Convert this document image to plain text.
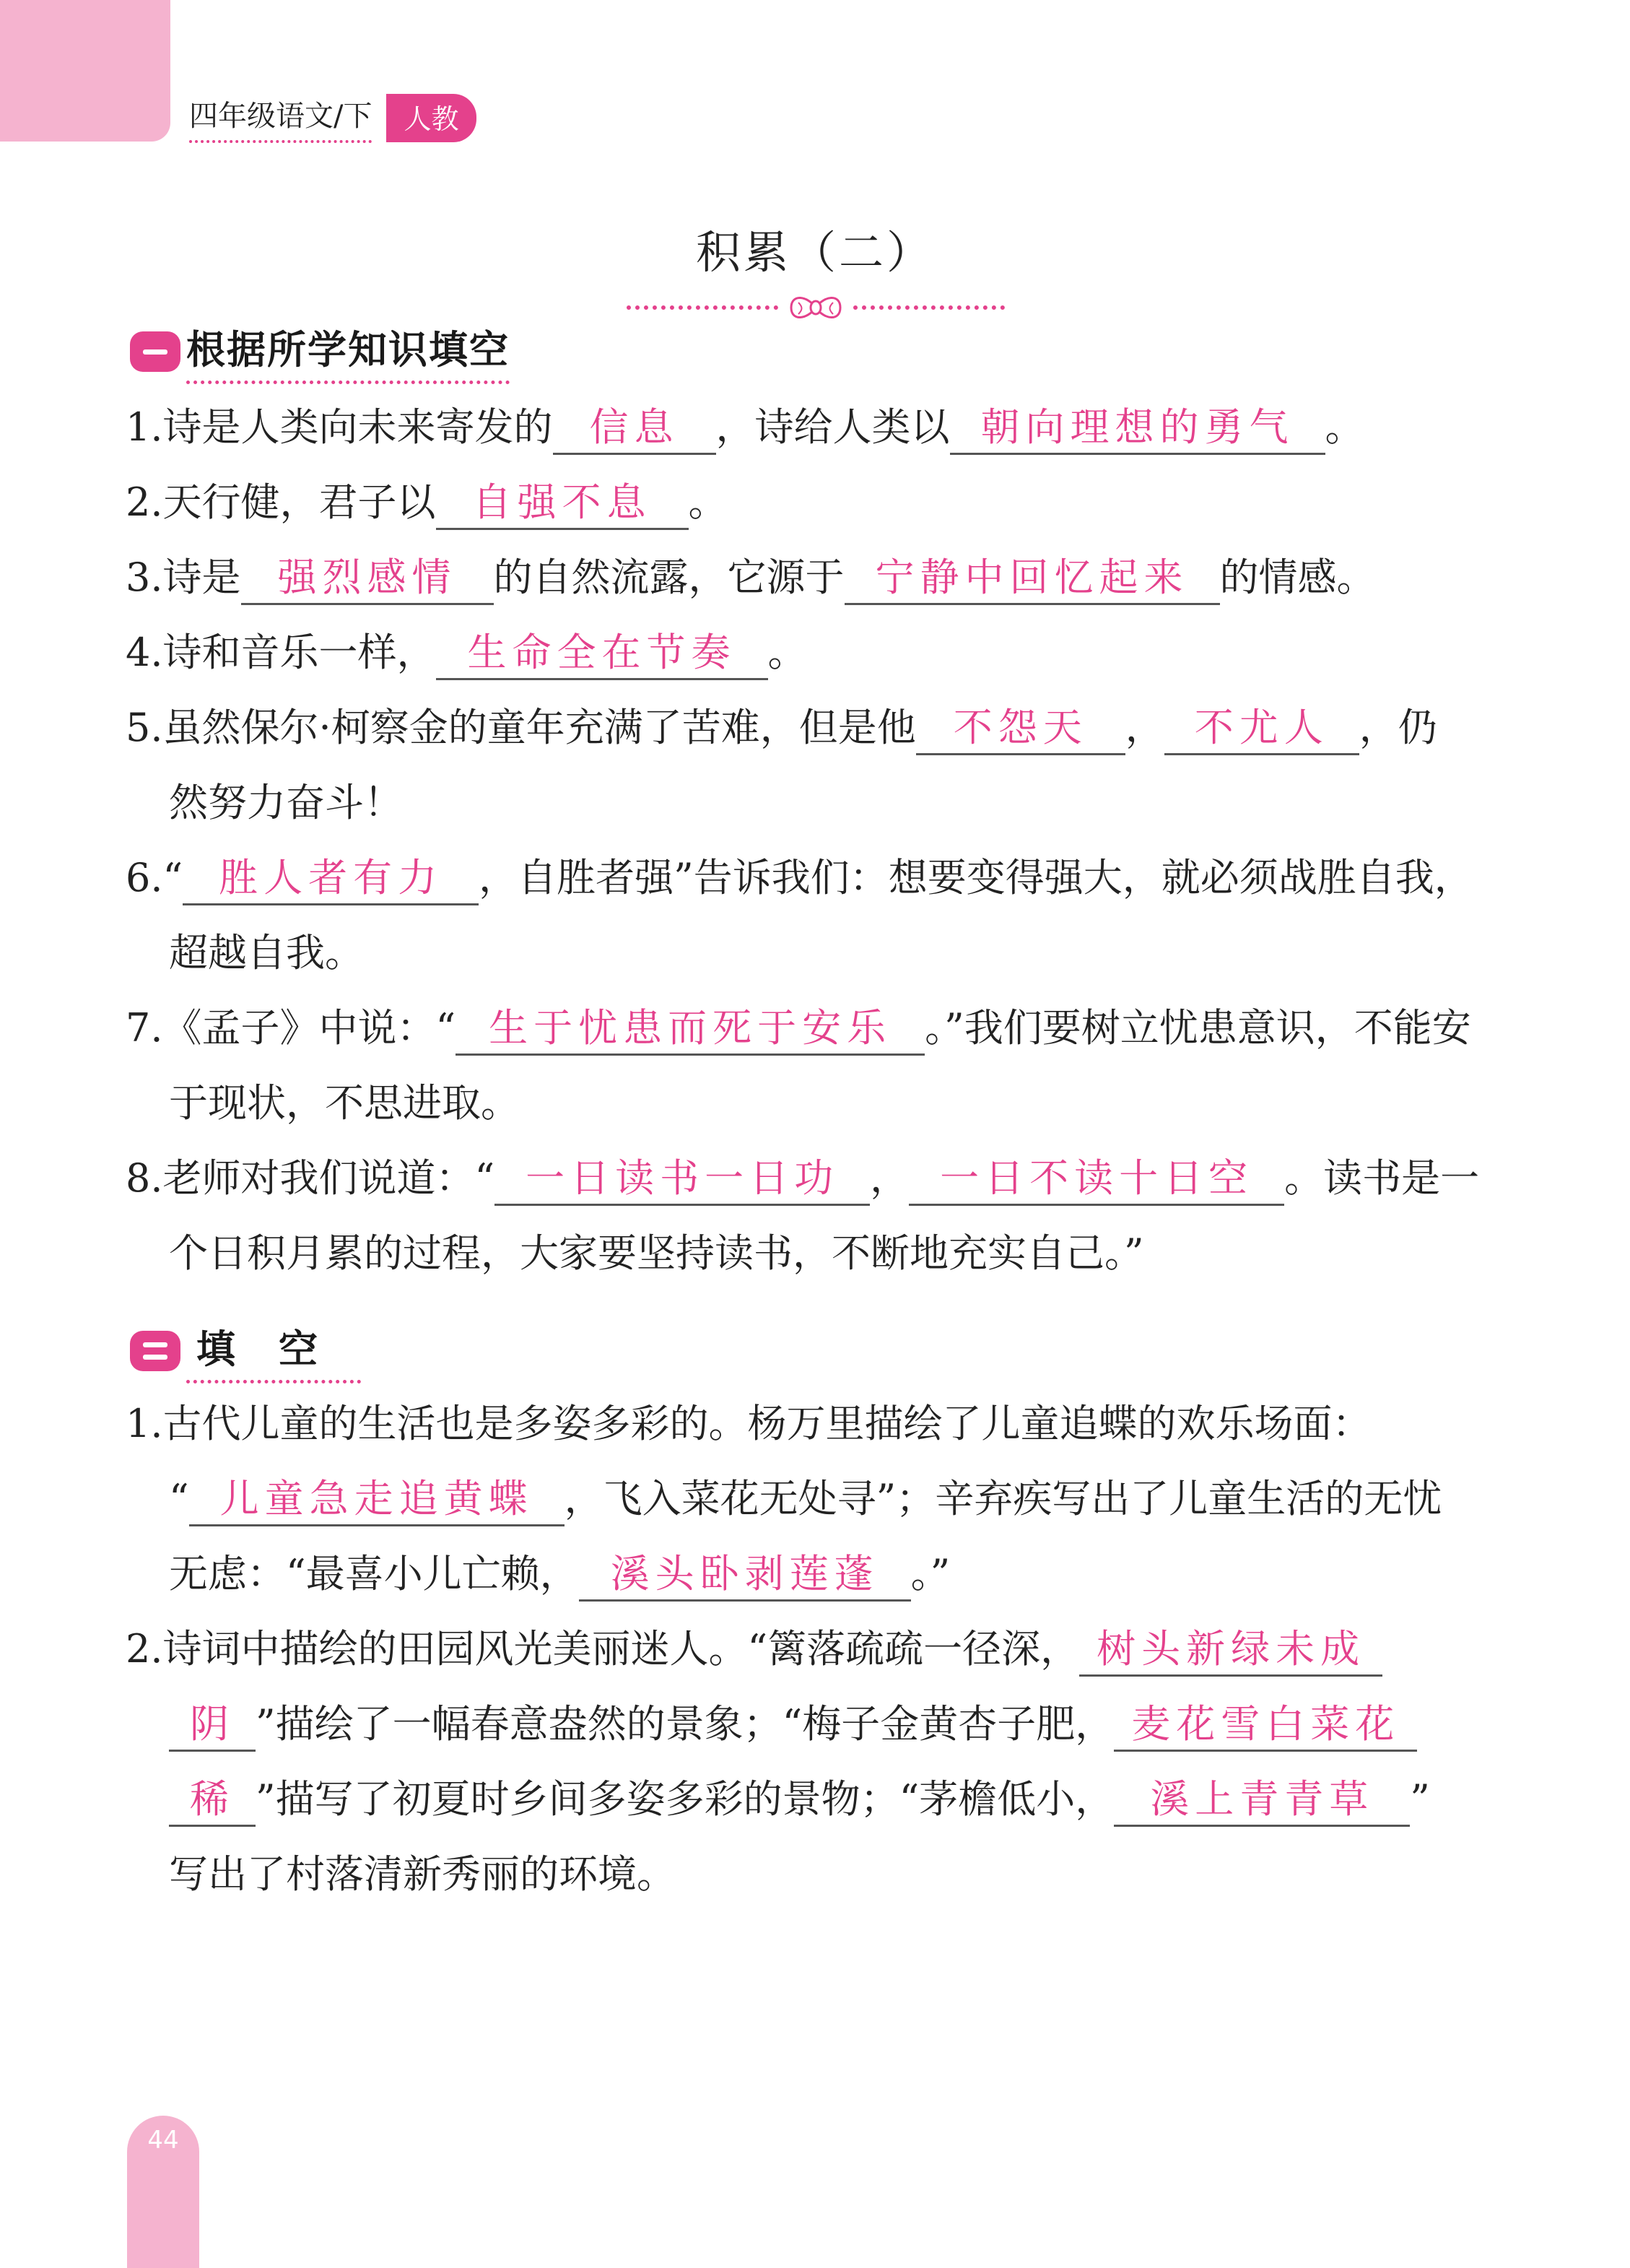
四年级语文/下	人教
积累（二）
根据所学知识填空
1.诗是人类向未来寄发的 信息 ，诗给人类以 朝向理想的勇气 。
2.天行健，君子以 自强不息 。
3.诗是 强烈感情 的自然流露，它源于 宁静中回忆起来 的情感。
4.诗和音乐一样， 生命全在节奏 。
5.虽然保尔·柯察金的童年充满了苦难，但是他 不怨天 ， 不尤人 ，仍
然努力奋斗！
6.“ 胜人者有力 ，自胜者强”告诉我们：想要变得强大，就必须战胜自我，
超越自我。
7.《孟子》中说：“ 生于忧患而死于安乐 。”我们要树立忧患意识，不能安
于现状，不思进取。
8.老师对我们说道：“ 一日读书一日功 ， 一日不读十日空 。读书是一
个日积月累的过程，大家要坚持读书，不断地充实自己。”
填空
1.古代儿童的生活也是多姿多彩的。杨万里描绘了儿童追蝶的欢乐场面：
“ 儿童急走追黄蝶 ，飞入菜花无处寻”；辛弃疾写出了儿童生活的无忧
无虑：“最喜小儿亡赖， 溪头卧剥莲蓬 。”
2.诗词中描绘的田园风光美丽迷人。“篱落疏疏一径深， 树头新绿未成
阴 ”描绘了一幅春意盎然的景象；“梅子金黄杏子肥， 麦花雪白菜花
稀 ”描写了初夏时乡间多姿多彩的景物；“茅檐低小， 溪上青青草 ”
写出了村落清新秀丽的环境。
44
